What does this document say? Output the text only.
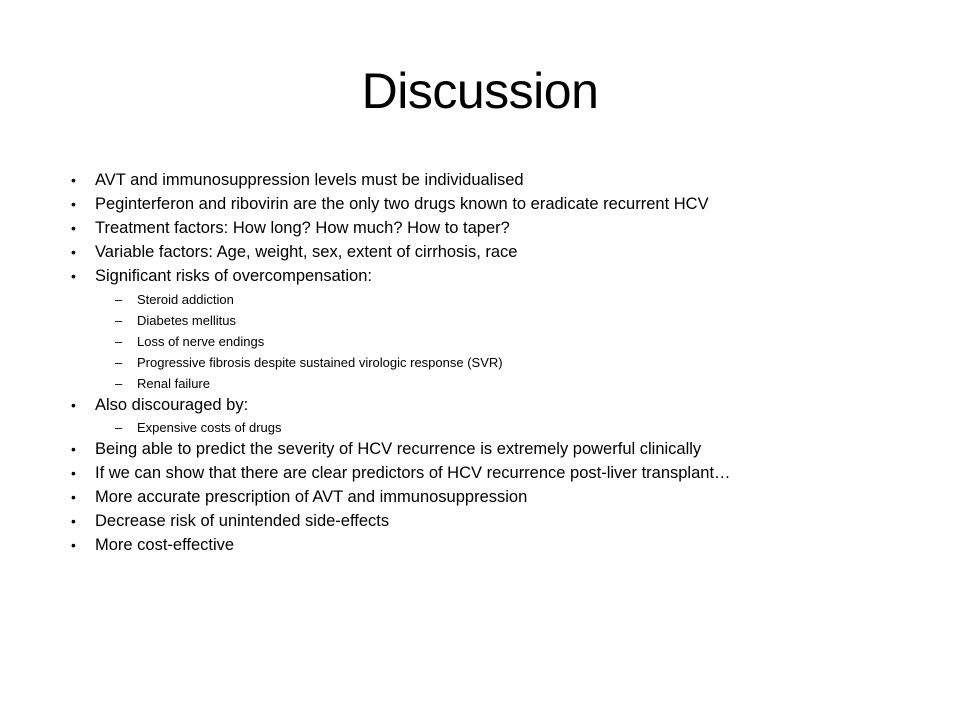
Discussion
• AVT and immunosuppression levels must be individualised
• Peginterferon and ribovirin are the only two drugs known to eradicate recurrent HCV
• Treatment factors: How long? How much? How to taper?
• Variable factors: Age, weight, sex, extent of cirrhosis, race
• Significant risks of overcompensation:
– Steroid addiction
– Diabetes mellitus
– Loss of nerve endings
– Progressive fibrosis despite sustained virologic response (SVR)
– Renal failure
• Also discouraged by:
– Expensive costs of drugs
• Being able to predict the severity of HCV recurrence is extremely powerful clinically
• If we can show that there are clear predictors of HCV recurrence post-liver transplant…
• More accurate prescription of AVT and immunosuppression
• Decrease risk of unintended side-effects
• More cost-effective
